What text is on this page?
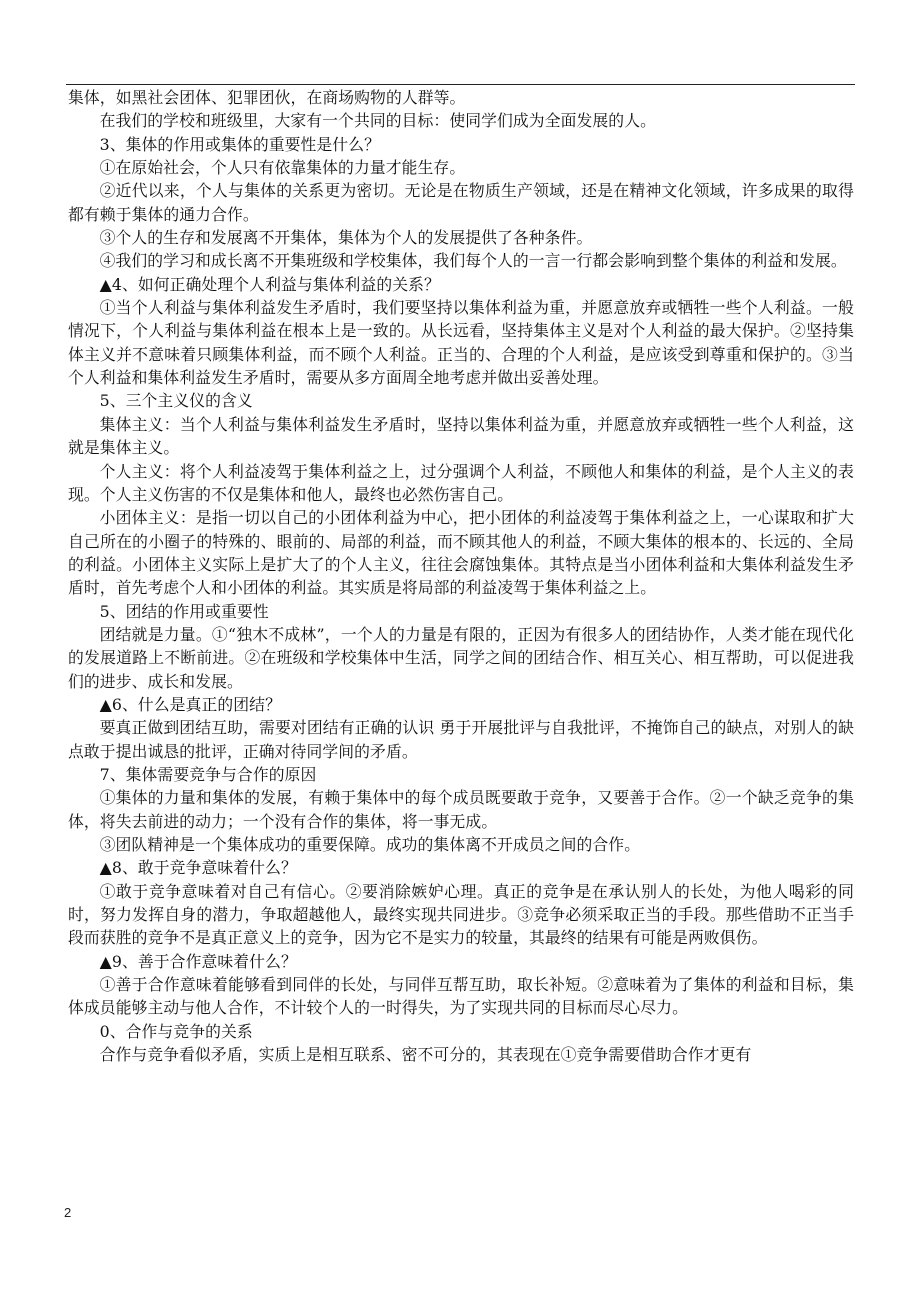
集体，如黑社会团体、犯罪团伙，在商场购物的人群等。

在我们的学校和班级里，大家有一个共同的目标：使同学们成为全面发展的人。

3、集体的作用或集体的重要性是什么？

①在原始社会，个人只有依靠集体的力量才能生存。

②近代以来，个人与集体的关系更为密切。无论是在物质生产领域，还是在精神文化领域，许多成果的取得都有赖于集体的通力合作。

③个人的生存和发展离不开集体，集体为个人的发展提供了各种条件。

④我们的学习和成长离不开集班级和学校集体，我们每个人的一言一行都会影响到整个集体的利益和发展。

▲4、如何正确处理个人利益与集体利益的关系？

①当个人利益与集体利益发生矛盾时，我们要坚持以集体利益为重，并愿意放弃或牺牲一些个人利益。一般情况下，个人利益与集体利益在根本上是一致的。从长远看，坚持集体主义是对个人利益的最大保护。②坚持集体主义并不意味着只顾集体利益，而不顾个人利益。正当的、合理的个人利益，是应该受到尊重和保护的。③当个人利益和集体利益发生矛盾时，需要从多方面周全地考虑并做出妥善处理。

5、三个主义仪的含义

集体主义：当个人利益与集体利益发生矛盾时，坚持以集体利益为重，并愿意放弃或牺牲一些个人利益，这就是集体主义。

个人主义：将个人利益凌驾于集体利益之上，过分强调个人利益，不顾他人和集体的利益，是个人主义的表现。个人主义伤害的不仅是集体和他人，最终也必然伤害自己。

小团体主义：是指一切以自己的小团体利益为中心，把小团体的利益凌驾于集体利益之上，一心谋取和扩大自己所在的小圈子的特殊的、眼前的、局部的利益，而不顾其他人的利益，不顾大集体的根本的、长远的、全局的利益。小团体主义实际上是扩大了的个人主义，往往会腐蚀集体。其特点是当小团体利益和大集体利益发生矛盾时，首先考虑个人和小团体的利益。其实质是将局部的利益凌驾于集体利益之上。

5、团结的作用或重要性

团结就是力量。①“独木不成林”，一个人的力量是有限的，正因为有很多人的团结协作，人类才能在现代化的发展道路上不断前进。②在班级和学校集体中生活，同学之间的团结合作、相互关心、相互帮助，可以促进我们的进步、成长和发展。

▲6、什么是真正的团结？

要真正做到团结互助，需要对团结有正确的认识 勇于开展批评与自我批评，不掩饰自己的缺点，对别人的缺点敢于提出诚恳的批评，正确对待同学间的矛盾。

7、集体需要竞争与合作的原因

①集体的力量和集体的发展，有赖于集体中的每个成员既要敢于竞争，又要善于合作。②一个缺乏竞争的集体，将失去前进的动力；一个没有合作的集体，将一事无成。

③团队精神是一个集体成功的重要保障。成功的集体离不开成员之间的合作。

▲8、敢于竞争意味着什么？

①敢于竞争意味着对自己有信心。②要消除嫉妒心理。真正的竞争是在承认别人的长处，为他人喝彩的同时，努力发挥自身的潜力，争取超越他人，最终实现共同进步。③竞争必须采取正当的手段。那些借助不正当手段而获胜的竞争不是真正意义上的竞争，因为它不是实力的较量，其最终的结果有可能是两败俱伤。

▲9、善于合作意味着什么？

①善于合作意味着能够看到同伴的长处，与同伴互帮互助，取长补短。②意味着为了集体的利益和目标，集体成员能够主动与他人合作，不计较个人的一时得失，为了实现共同的目标而尽心尽力。

0、合作与竞争的关系

合作与竞争看似矛盾，实质上是相互联系、密不可分的，其表现在①竞争需要借助合作才更有

2
